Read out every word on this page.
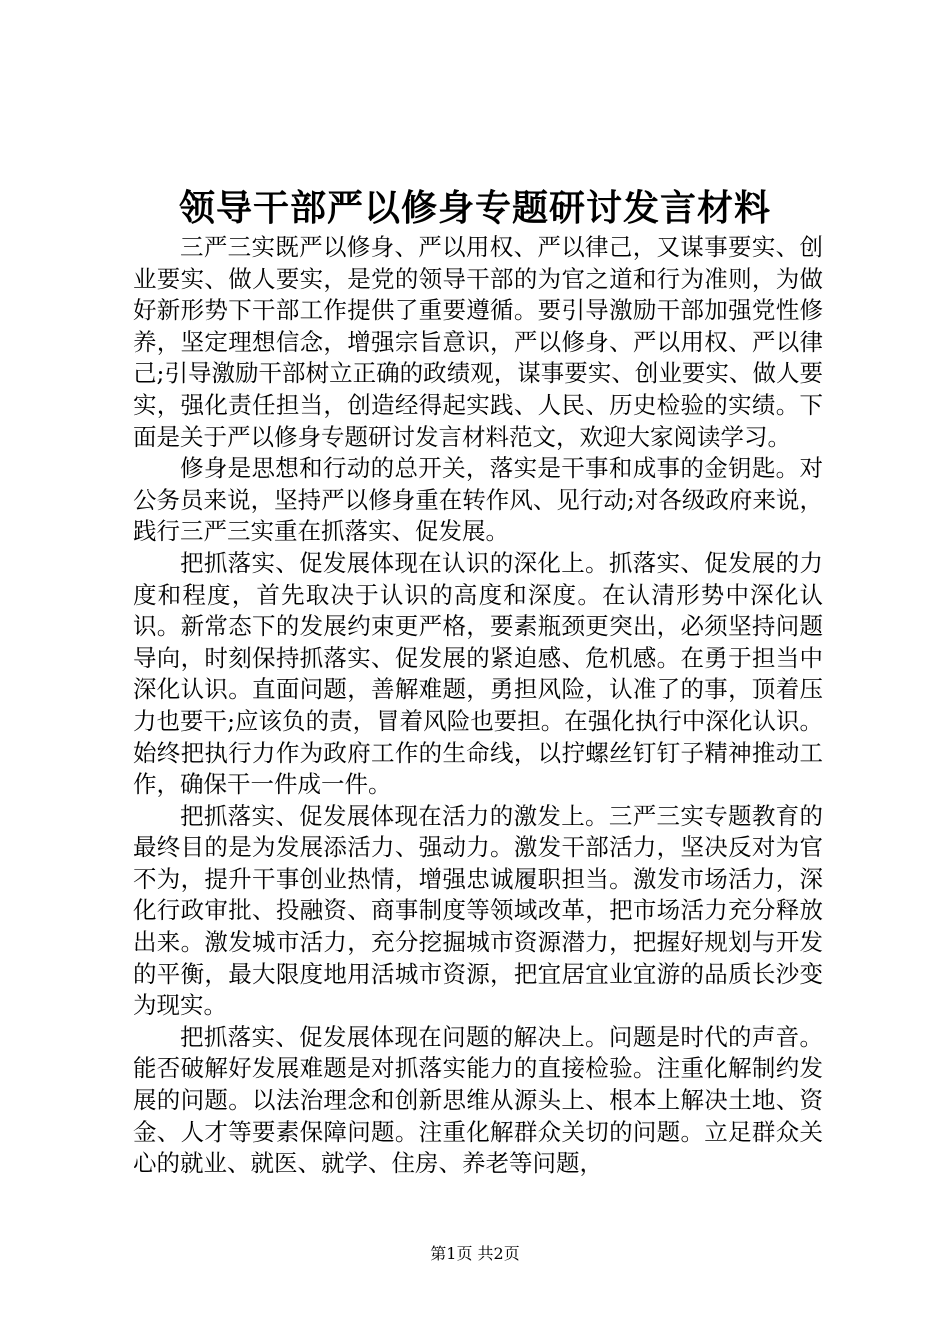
领导干部严以修身专题研讨发言材料

三严三实既严以修身、严以用权、严以律己，又谋事要实、创业要实、做人要实，是党的领导干部的为官之道和行为准则，为做好新形势下干部工作提供了重要遵循。要引导激励干部加强党性修养，坚定理想信念，增强宗旨意识，严以修身、严以用权、严以律己;引导激励干部树立正确的政绩观，谋事要实、创业要实、做人要实，强化责任担当，创造经得起实践、人民、历史检验的实绩。下面是关于严以修身专题研讨发言材料范文，欢迎大家阅读学习。

修身是思想和行动的总开关，落实是干事和成事的金钥匙。对公务员来说，坚持严以修身重在转作风、见行动;对各级政府来说，践行三严三实重在抓落实、促发展。

把抓落实、促发展体现在认识的深化上。抓落实、促发展的力度和程度，首先取决于认识的高度和深度。在认清形势中深化认识。新常态下的发展约束更严格，要素瓶颈更突出，必须坚持问题导向，时刻保持抓落实、促发展的紧迫感、危机感。在勇于担当中深化认识。直面问题，善解难题，勇担风险，认准了的事，顶着压力也要干;应该负的责，冒着风险也要担。在强化执行中深化认识。始终把执行力作为政府工作的生命线，以拧螺丝钉钉子精神推动工作，确保干一件成一件。

把抓落实、促发展体现在活力的激发上。三严三实专题教育的最终目的是为发展添活力、强动力。激发干部活力，坚决反对为官不为，提升干事创业热情，增强忠诚履职担当。激发市场活力，深化行政审批、投融资、商事制度等领域改革，把市场活力充分释放出来。激发城市活力，充分挖掘城市资源潜力，把握好规划与开发的平衡，最大限度地用活城市资源，把宜居宜业宜游的品质长沙变为现实。

把抓落实、促发展体现在问题的解决上。问题是时代的声音。能否破解好发展难题是对抓落实能力的直接检验。注重化解制约发展的问题。以法治理念和创新思维从源头上、根本上解决土地、资金、人才等要素保障问题。注重化解群众关切的问题。立足群众关心的就业、就医、就学、住房、养老等问题，

第1页 共2页
